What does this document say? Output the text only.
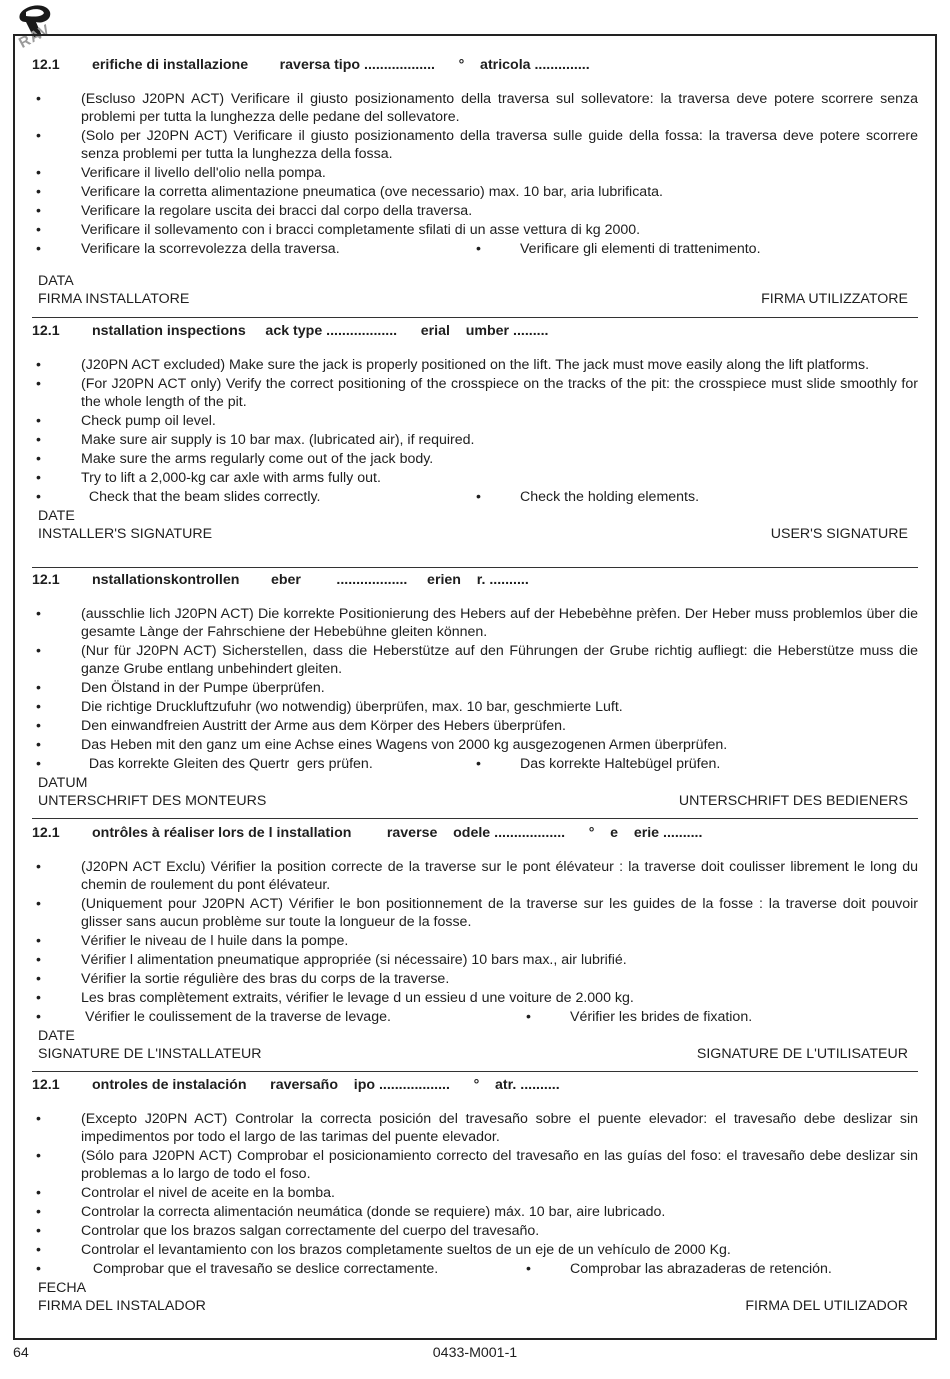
RAV
12.1 erifiche di installazione        raversa tipo ..................      °    atricola ..............
•	(Escluso J20PN ACT) Verificare il giusto posizionamento della traversa sul sollevatore: la traversa deve potere scorrere senza problemi per tutta la lunghezza delle pedane del sollevatore.
•	(Solo per J20PN ACT) Verificare il giusto posizionamento della traversa sulle guide della fossa: la traversa deve potere scorrere senza problemi per tutta la lunghezza della fossa.
•	Verificare il livello dell'olio nella pompa.
•	Verificare la corretta alimentazione pneumatica (ove necessario) max. 10 bar, aria lubrificata.
•	Verificare la regolare uscita dei bracci dal corpo della traversa.
•	Verificare il sollevamento con i bracci completamente sfilati di un asse vettura di kg 2000.
•	Verificare la scorrevolezza della traversa.	•	Verificare gli elementi di trattenimento.
DATA
FIRMA INSTALLATORE	FIRMA UTILIZZATORE
12.1 nstallation inspections     ack type ..................      erial    umber .........
•	(J20PN ACT excluded) Make sure the jack is properly positioned on the lift. The jack must move easily along the lift platforms.
•	(For J20PN ACT only) Verify the correct positioning of the crosspiece on the tracks of the pit: the crosspiece must slide smoothly for the whole length of the pit.
•	Check pump oil level.
•	Make sure air supply is 10 bar max. (lubricated air), if required.
•	Make sure the arms regularly come out of the jack body.
•	Try to lift a 2,000-kg car axle with arms fully out.
•	Check that the beam slides correctly.	•	Check the holding elements.
DATE
INSTALLER'S SIGNATURE	USER'S SIGNATURE
12.1 nstallationskontrollen        eber         ..................     erien    r. ..........
•	(ausschlie lich J20PN ACT) Die korrekte Positionierung des Hebers auf der Hebebèhne prèfen. Der Heber muss problemlos über die gesamte Lànge der Fahrschiene der Hebebühne gleiten können.
•	(Nur für J20PN ACT) Sicherstellen, dass die Heberstütze auf den Führungen der Grube richtig aufliegt: die Heberstütze muss die ganze Grube entlang unbehindert gleiten.
•	Den Ölstand in der Pumpe überprüfen.
•	Die richtige Druckluftzufuhr (wo notwendig) überprüfen, max. 10 bar, geschmierte Luft.
•	Den einwandfreien Austritt der Arme aus dem Körper des Hebers überprüfen.
•	Das Heben mit den ganz um eine Achse eines Wagens von 2000 kg ausgezogenen Armen überprüfen.
•	Das korrekte Gleiten des Quertr  gers prüfen.	•	Das korrekte Haltebügel prüfen.
DATUM
UNTERSCHRIFT DES MONTEURS	UNTERSCHRIFT DES BEDIENERS
12.1 ontrôles à réaliser lors de l installation         raverse    odele ..................      °    e    erie ..........
•	(J20PN ACT Exclu) Vérifier la position correcte de la traverse sur le pont élévateur : la traverse doit coulisser librement le long du chemin de roulement du pont élévateur.
•	(Uniquement pour J20PN ACT) Vérifier le bon positionnement de la traverse sur les guides de la fosse : la traverse doit pouvoir glisser sans aucun problème sur toute la longueur de la fosse.
•	Vérifier le niveau de l huile dans la pompe.
•	Vérifier l alimentation pneumatique appropriée (si nécessaire) 10 bars max., air lubrifié.
•	Vérifier la sortie régulière des bras du corps de la traverse.
•	Les bras complètement extraits, vérifier le levage d un essieu d une voiture de 2.000 kg.
•	Vérifier le coulissement de la traverse de levage.	•	Vérifier les brides de fixation.
DATE
SIGNATURE DE L'INSTALLATEUR	SIGNATURE DE L'UTILISATEUR
12.1 ontroles de instalación      raversaño    ipo ..................      °    atr. ..........
•	(Excepto J20PN ACT) Controlar la correcta posición del travesaño sobre el puente elevador: el travesaño debe deslizar sin impedimentos por todo el largo de las tarimas del puente elevador.
•	(Sólo para J20PN ACT) Comprobar el posicionamiento correcto del travesaño en las guías del foso: el travesaño debe deslizar sin problemas a lo largo de todo el foso.
•	Controlar el nivel de aceite en la bomba.
•	Controlar la correcta alimentación neumática (donde se requiere) máx. 10 bar, aire lubricado.
•	Controlar que los brazos salgan correctamente del cuerpo del travesaño.
•	Controlar el levantamiento con los brazos completamente sueltos de un eje de un vehículo de 2000 Kg.
•	Comprobar que el travesaño se deslice correctamente.	•	Comprobar las abrazaderas de retención.
FECHA
FIRMA DEL INSTALADOR	FIRMA DEL UTILIZADOR
64	0433-M001-1
